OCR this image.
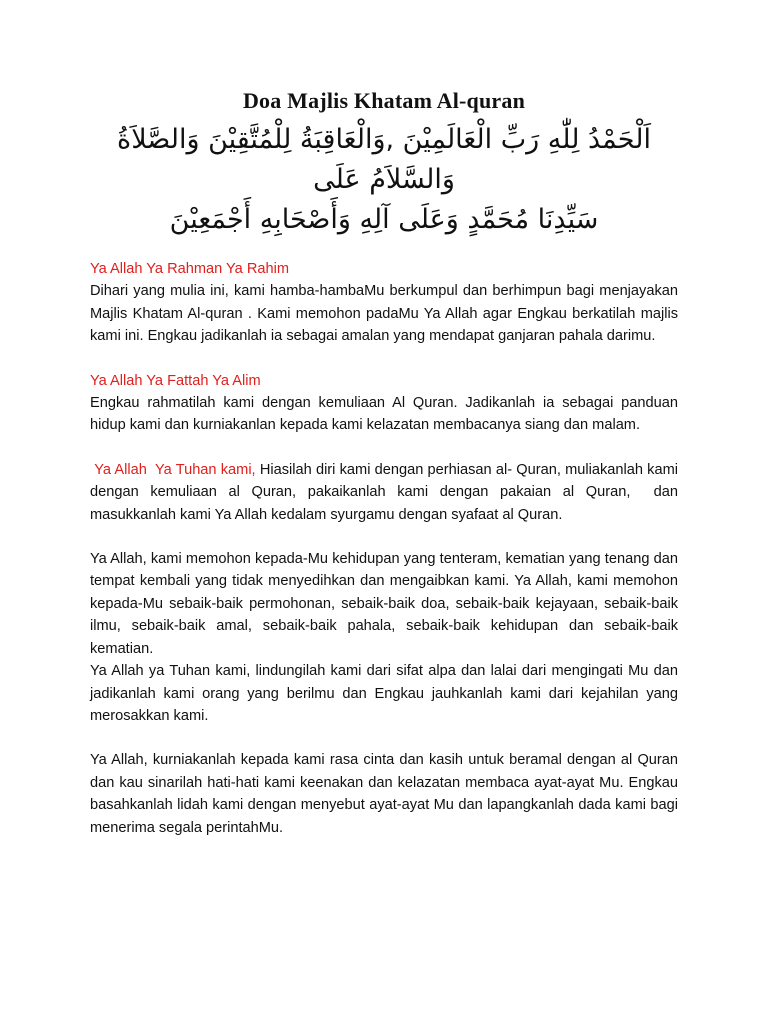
Doa Majlis Khatam Al-quran
اَلْحَمْدُ لِلّٰهِ رَبِّ الْعَالَمِيْنَ ,وَالْعَاقِبَةُ لِلْمُتَّقِيْنَ وَالصَّلاَةُ وَالسَّلاَمُ عَلَى
سَيِّدِنَا مُحَمَّدٍ وَعَلَى آلِهِ وَأَصْحَابِهِ أَجْمَعِيْنَ

Ya Allah Ya Rahman Ya Rahim

Dihari yang mulia ini, kami hamba-hambaMu berkumpul dan berhimpun bagi menjayakan Majlis Khatam Al-quran . Kami memohon padaMu Ya Allah agar Engkau berkatilah majlis kami ini. Engkau jadikanlah ia sebagai amalan yang mendapat ganjaran pahala darimu.

Ya Allah Ya Fattah Ya Alim

Engkau rahmatilah kami dengan kemuliaan Al Quran. Jadikanlah ia sebagai panduan hidup kami dan kurniakanlan kepada kami kelazatan membacanya siang dan malam.

Ya Allah  Ya Tuhan kami, Hiasilah diri kami dengan perhiasan al- Quran, muliakanlah kami dengan kemuliaan al Quran, pakaikanlah kami dengan pakaian al Quran,  dan masukkanlah kami Ya Allah kedalam syurgamu dengan syafaat al Quran.

Ya Allah, kami memohon kepada-Mu kehidupan yang tenteram, kematian yang tenang dan tempat kembali yang tidak menyedihkan dan mengaibkan kami. Ya Allah, kami memohon kepada-Mu sebaik-baik permohonan, sebaik-baik doa, sebaik-baik kejayaan, sebaik-baik ilmu, sebaik-baik amal, sebaik-baik pahala, sebaik-baik kehidupan dan sebaik-baik kematian.

Ya Allah ya Tuhan kami, lindungilah kami dari sifat alpa dan lalai dari mengingati Mu dan jadikanlah kami orang yang berilmu dan Engkau jauhkanlah kami dari kejahilan yang merosakkan kami.

Ya Allah, kurniakanlah kepada kami rasa cinta dan kasih untuk beramal dengan al Quran dan kau sinarilah hati-hati kami keenakan dan kelazatan membaca ayat-ayat Mu. Engkau basahkanlah lidah kami dengan menyebut ayat-ayat Mu dan lapangkanlah dada kami bagi menerima segala perintahMu.
